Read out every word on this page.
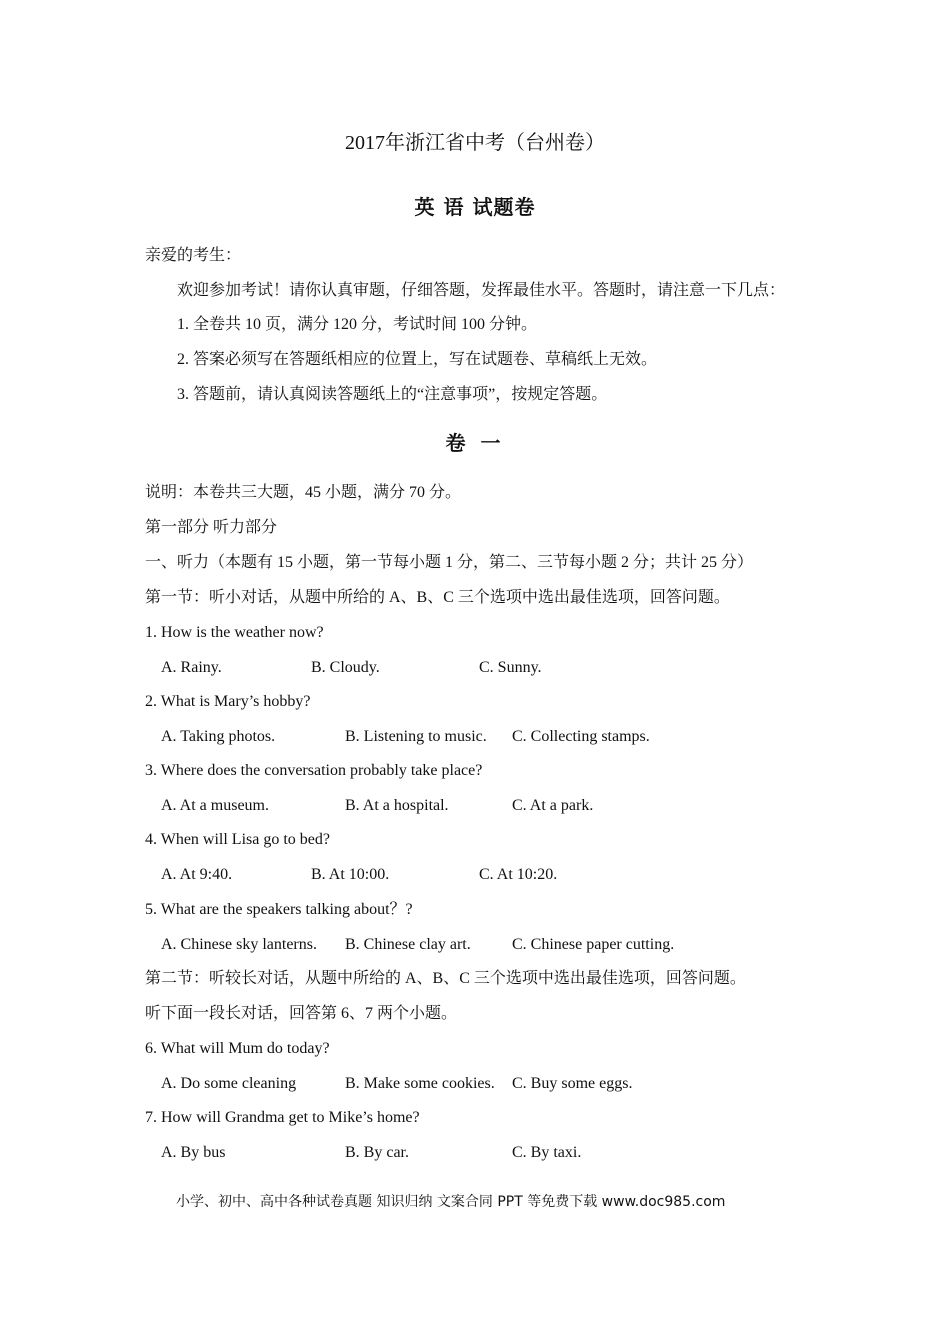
2017年浙江省中考（台州卷）
英 语 试题卷
亲爱的考生：
欢迎参加考试！请你认真审题，仔细答题，发挥最佳水平。答题时，请注意一下几点：
1. 全卷共 10 页，满分 120 分，考试时间 100 分钟。
2. 答案必须写在答题纸相应的位置上，写在试题卷、草稿纸上无效。
3. 答题前，请认真阅读答题纸上的“注意事项”，按规定答题。
卷 一
说明：本卷共三大题，45 小题，满分 70 分。
第一部分 听力部分
一、听力（本题有 15 小题，第一节每小题 1 分，第二、三节每小题 2 分；共计 25 分）
第一节：听小对话，从题中所给的 A、B、C 三个选项中选出最佳选项，回答问题。
1. How is the weather now?
A. Rainy.	B. Cloudy.	C. Sunny.
2. What is Mary’s hobby?
A. Taking photos.	B. Listening to music. C. Collecting stamps.
3. Where does the conversation probably take place?
A. At a museum.	B. At a hospital.	C. At a park.
4. When will Lisa go to bed?
A. At 9:40.	B. At 10:00.	C. At 10:20.
5. What are the speakers talking about？?
A. Chinese sky lanterns. B. Chinese clay art.	C. Chinese paper cutting.
第二节：听较长对话，从题中所给的 A、B、C 三个选项中选出最佳选项，回答问题。
听下面一段长对话，回答第 6、7 两个小题。
6. What will Mum do today?
A. Do some cleaning	B. Make some cookies. C. Buy some eggs.
7. How will Grandma get to Mike’s home?
A. By bus	B. By car.	C. By taxi.
小学、初中、高中各种试卷真题 知识归纳 文案合同 PPT 等免费下载 www.doc985.com
